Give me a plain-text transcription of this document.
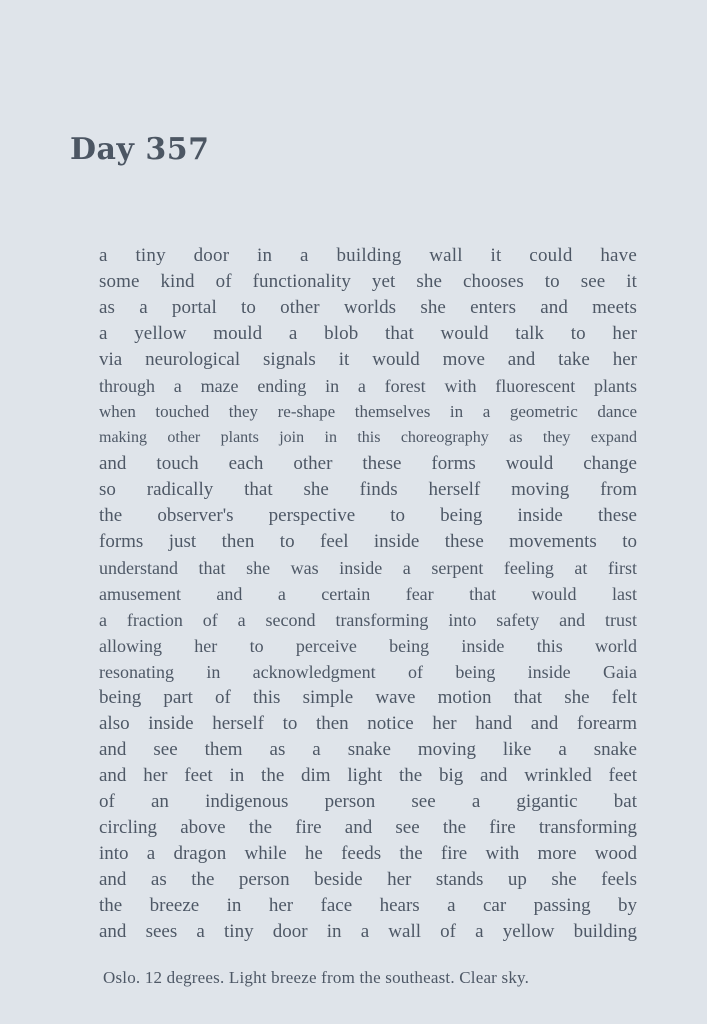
Day 357
a tiny door in a building wall it could have
some kind of functionality yet she chooses to see it
as a portal to other worlds she enters and meets
a yellow mould a blob that would talk to her
via neurological signals it would move and take her
through a maze ending in a forest with fluorescent plants
when touched they re-shape themselves in a geometric dance
making other plants join in this choreography as they expand
and touch each other these forms would change
so radically that she finds herself moving from
the observer's perspective to being inside these
forms just then to feel inside these movements to
understand that she was inside a serpent feeling at first
amusement and a certain fear that would last
a fraction of a second transforming into safety and trust
allowing her to perceive being inside this world
resonating in acknowledgment of being inside Gaia
being part of this simple wave motion that she felt
also inside herself to then notice her hand and forearm
and see them as a snake moving like a snake
and her feet in the dim light the big and wrinkled feet
of an indigenous person see a gigantic bat
circling above the fire and see the fire transforming
into a dragon while he feeds the fire with more wood
and as the person beside her stands up she feels
the breeze in her face hears a car passing by
and sees a tiny door in a wall of a yellow building
Oslo. 12 degrees. Light breeze from the southeast. Clear sky.
